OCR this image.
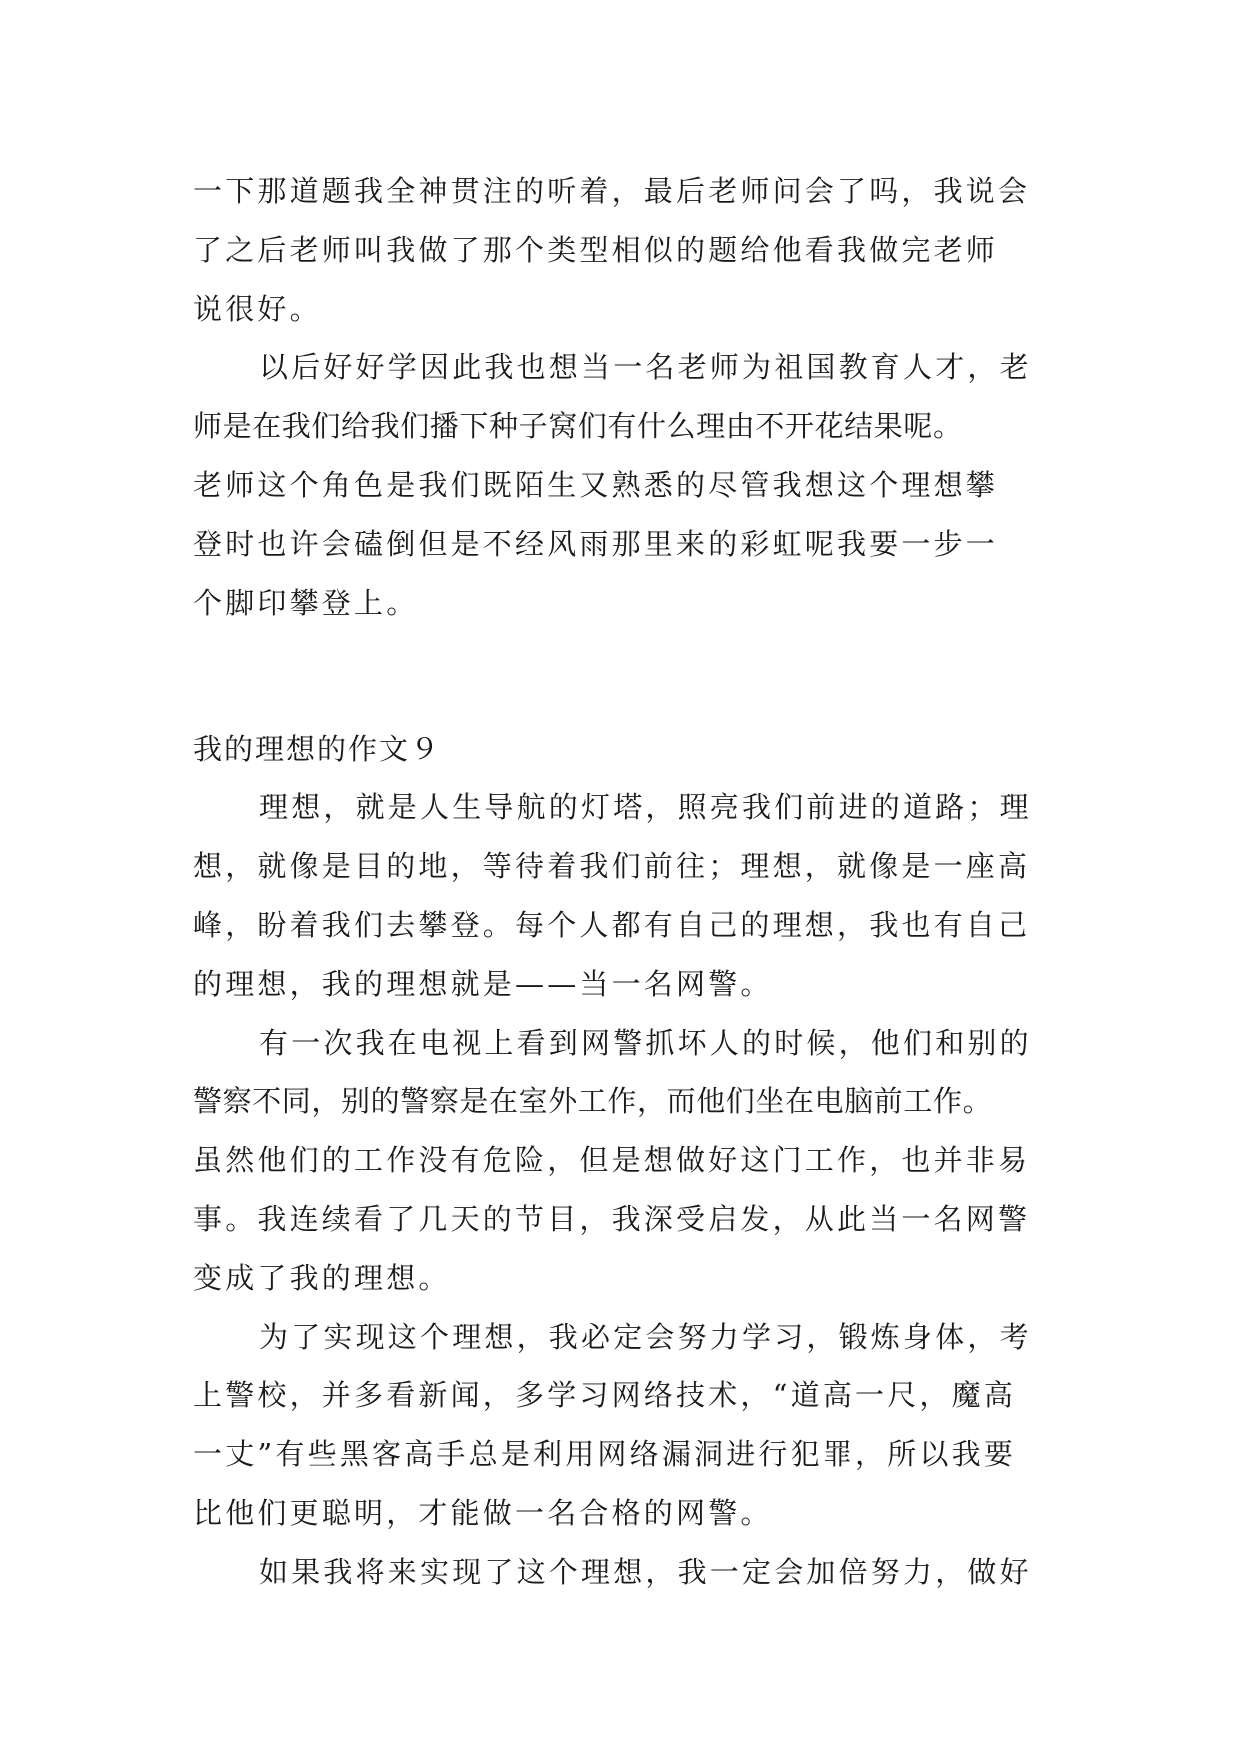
一下那道题我全神贯注的听着，最后老师问会了吗，我说会
了之后老师叫我做了那个类型相似的题给他看我做完老师
说很好。
以后好好学因此我也想当一名老师为祖国教育人才，老
师是在我们给我们播下种子窝们有什么理由不开花结果呢。
老师这个角色是我们既陌生又熟悉的尽管我想这个理想攀
登时也许会磕倒但是不经风雨那里来的彩虹呢我要一步一
个脚印攀登上。
我的理想的作文９
理想，就是人生导航的灯塔，照亮我们前进的道路；理
想，就像是目的地，等待着我们前往；理想，就像是一座高
峰，盼着我们去攀登。每个人都有自己的理想，我也有自己
的理想，我的理想就是——当一名网警。
有一次我在电视上看到网警抓坏人的时候，他们和别的
警察不同，别的警察是在室外工作，而他们坐在电脑前工作。
虽然他们的工作没有危险，但是想做好这门工作，也并非易
事。我连续看了几天的节目，我深受启发，从此当一名网警
变成了我的理想。
为了实现这个理想，我必定会努力学习，锻炼身体，考
上警校，并多看新闻，多学习网络技术，“道高一尺，魔高
一丈”有些黑客高手总是利用网络漏洞进行犯罪，所以我要
比他们更聪明，才能做一名合格的网警。
如果我将来实现了这个理想，我一定会加倍努力，做好
